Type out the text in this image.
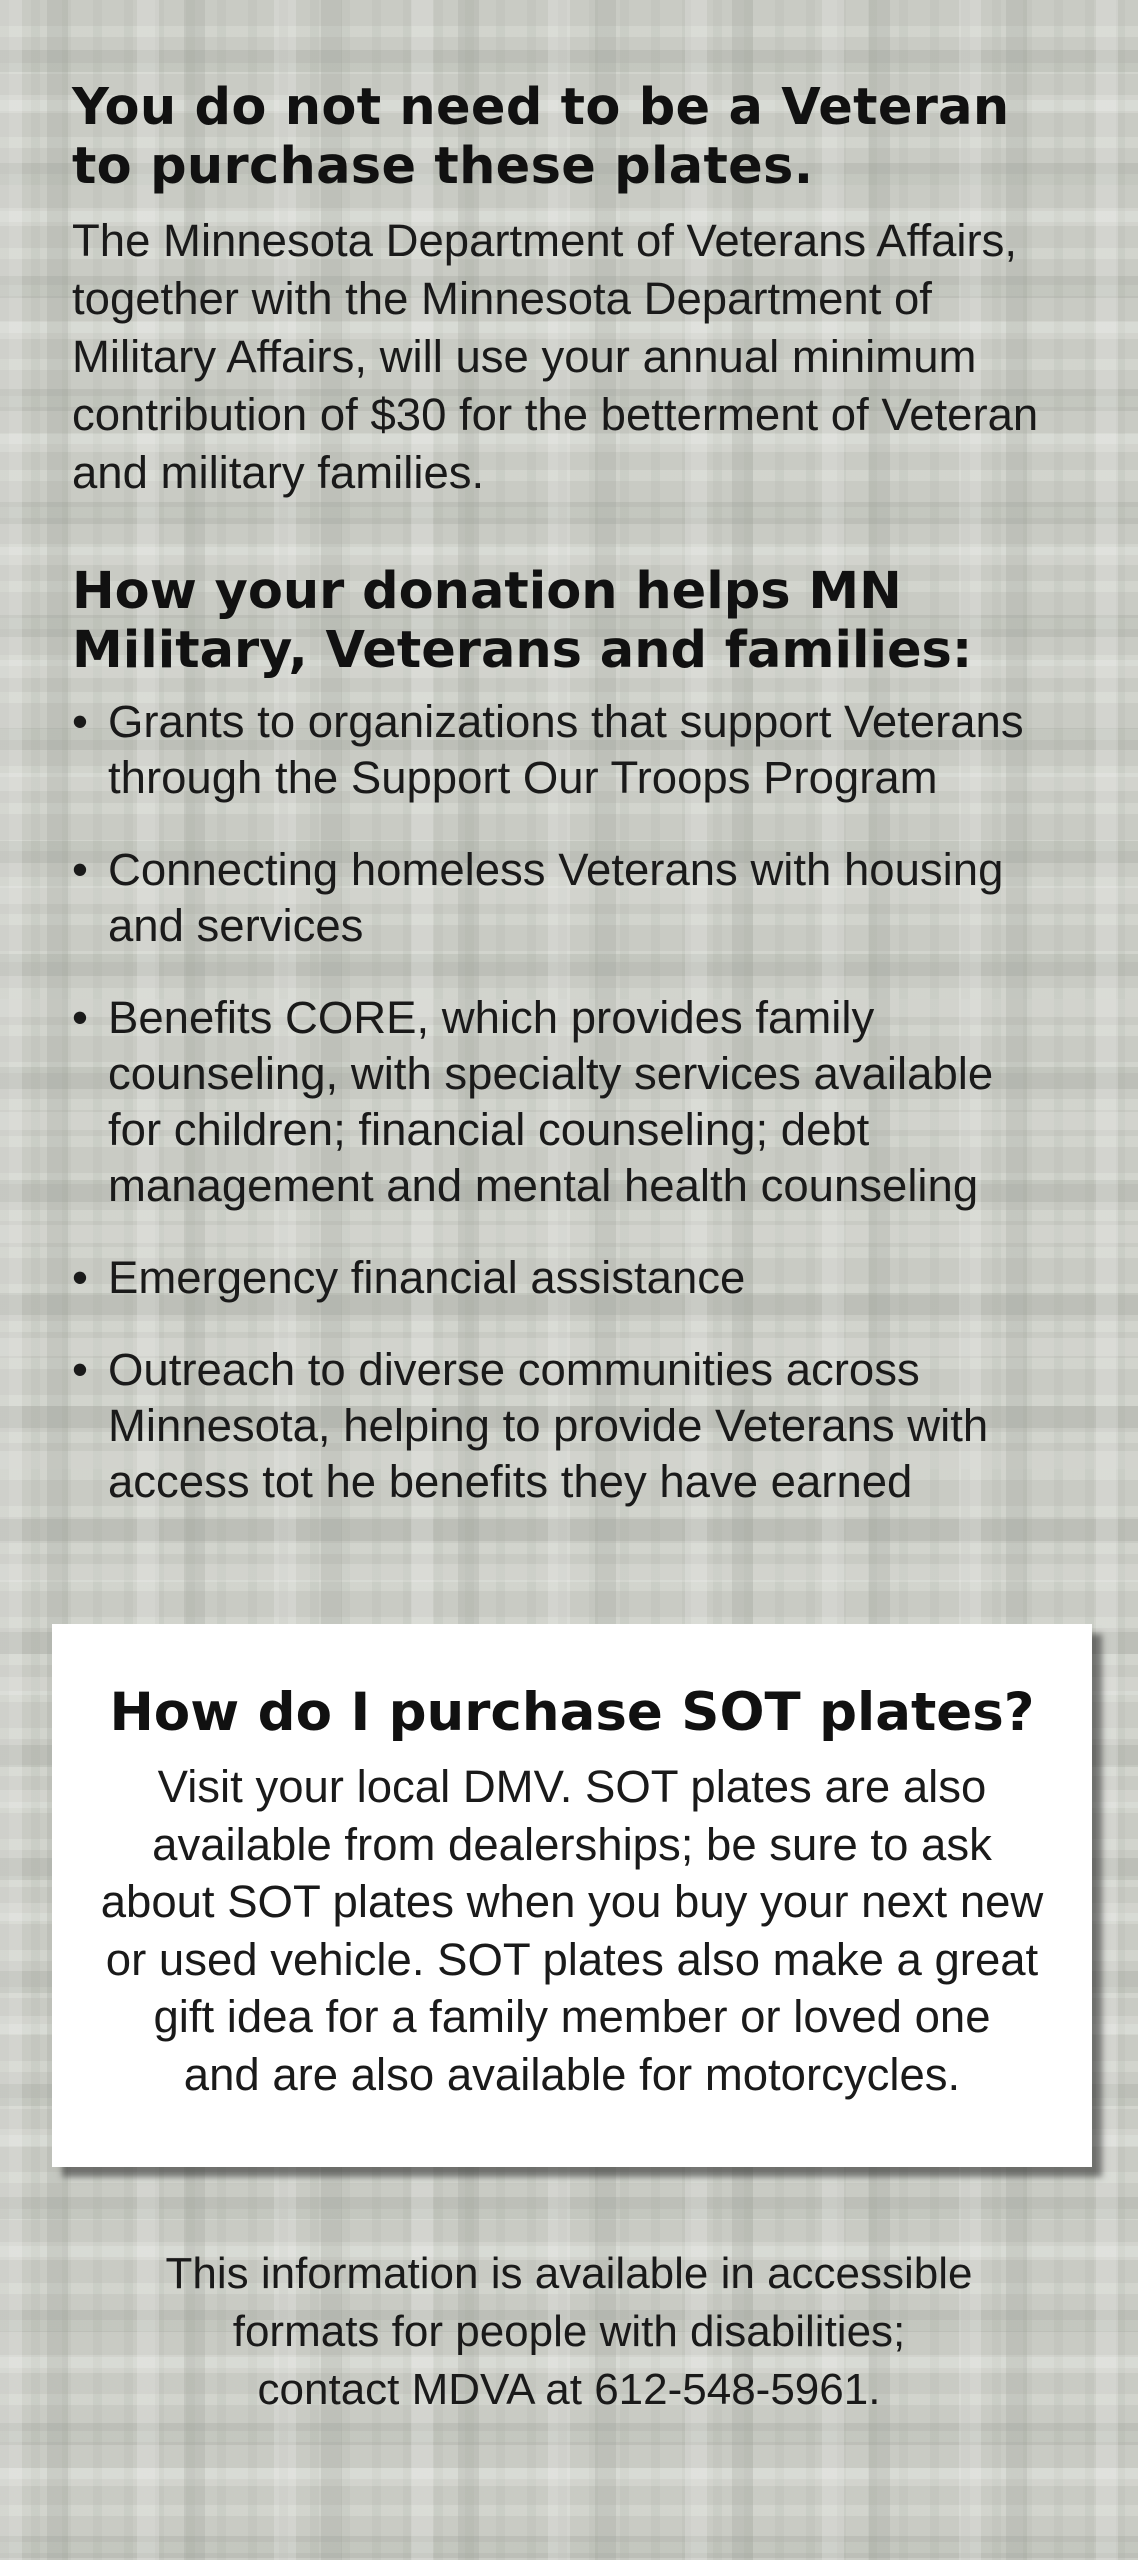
You do not need to be a Veteran
to purchase these plates.

The Minnesota Department of Veterans Affairs,
together with the Minnesota Department of
Military Affairs, will use your annual minimum
contribution of $30 for the betterment of Veteran
and military families.

How your donation helps MN
Military, Veterans and families:
• Grants to organizations that support Veterans
through the Support Our Troops Program
• Connecting homeless Veterans with housing
and services
• Benefits CORE, which provides family
counseling, with specialty services available
for children; financial counseling; debt
management and mental health counseling
• Emergency financial assistance
• Outreach to diverse communities across
Minnesota, helping to provide Veterans with
access tot he benefits they have earned
How do I purchase SOT plates?

Visit your local DMV. SOT plates are also
available from dealerships; be sure to ask
about SOT plates when you buy your next new
or used vehicle. SOT plates also make a great
gift idea for a family member or loved one
and are also available for motorcycles.

This information is available in accessible
formats for people with disabilities;
contact MDVA at 612-548-5961.
